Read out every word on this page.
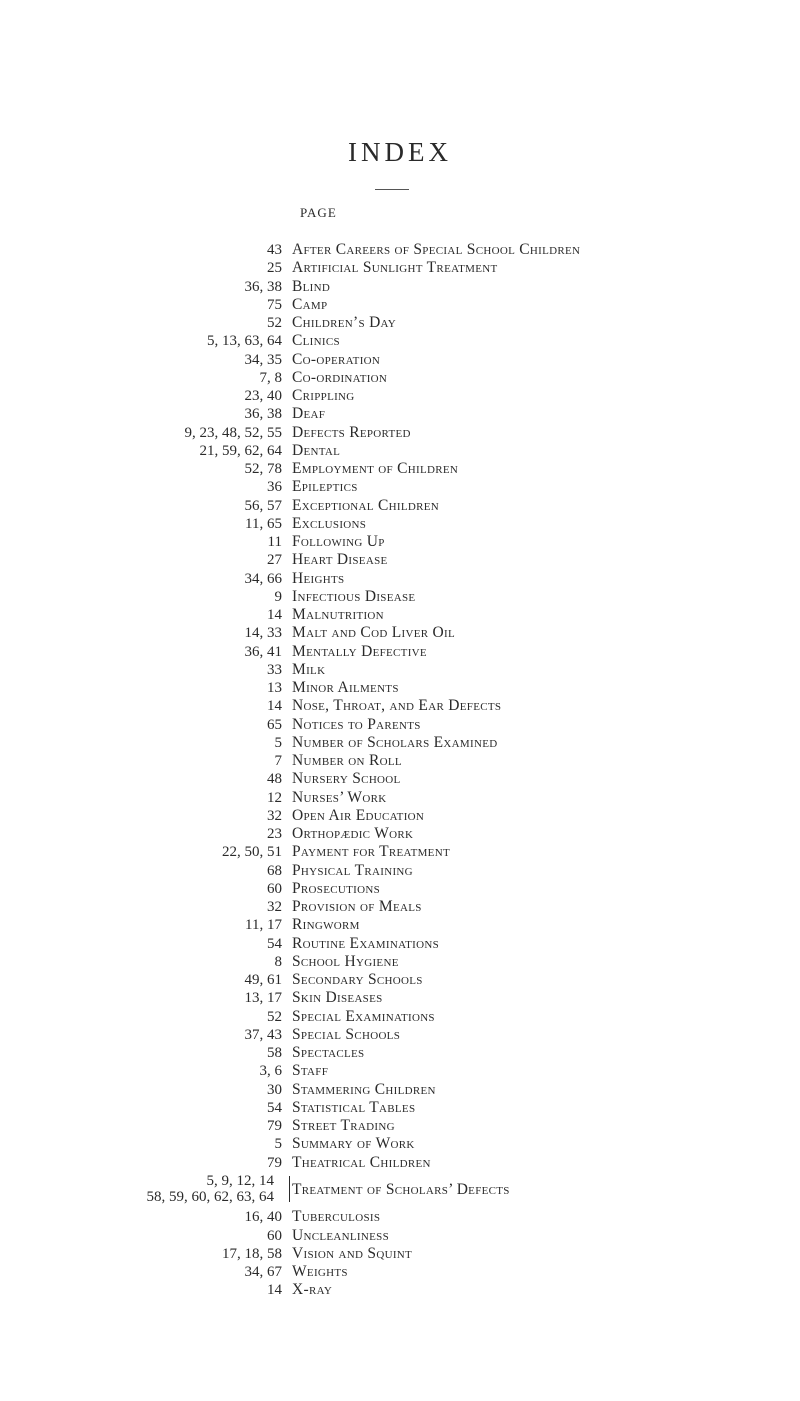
INDEX
PAGE
43 After Careers of Special School Children
25 Artificial Sunlight Treatment
36, 38 Blind
75 Camp
52 Children’s Day
5, 13, 63, 64 Clinics
34, 35 Co-operation
7, 8 Co-ordination
23, 40 Crippling
36, 38 Deaf
9, 23, 48, 52, 55 Defects Reported
21, 59, 62, 64 Dental
52, 78 Employment of Children
36 Epileptics
56, 57 Exceptional Children
11, 65 Exclusions
11 Following Up
27 Heart Disease
34, 66 Heights
9 Infectious Disease
14 Malnutrition
14, 33 Malt and Cod Liver Oil
36, 41 Mentally Defective
33 Milk
13 Minor Ailments
14 Nose, Throat, and Ear Defects
65 Notices to Parents
5 Number of Scholars Examined
7 Number on Roll
48 Nursery School
12 Nurses’ Work
32 Open Air Education
23 Orthopædic Work
22, 50, 51 Payment for Treatment
68 Physical Training
60 Prosecutions
32 Provision of Meals
11, 17 Ringworm
54 Routine Examinations
8 School Hygiene
49, 61 Secondary Schools
13, 17 Skin Diseases
52 Special Examinations
37, 43 Special Schools
58 Spectacles
3, 6 Staff
30 Stammering Children
54 Statistical Tables
79 Street Trading
5 Summary of Work
79 Theatrical Children
5, 9, 12, 14
58, 59, 60, 62, 63, 64 Treatment of Scholars’ Defects
16, 40 Tuberculosis
60 Uncleanliness
17, 18, 58 Vision and Squint
34, 67 Weights
14 X-ray
